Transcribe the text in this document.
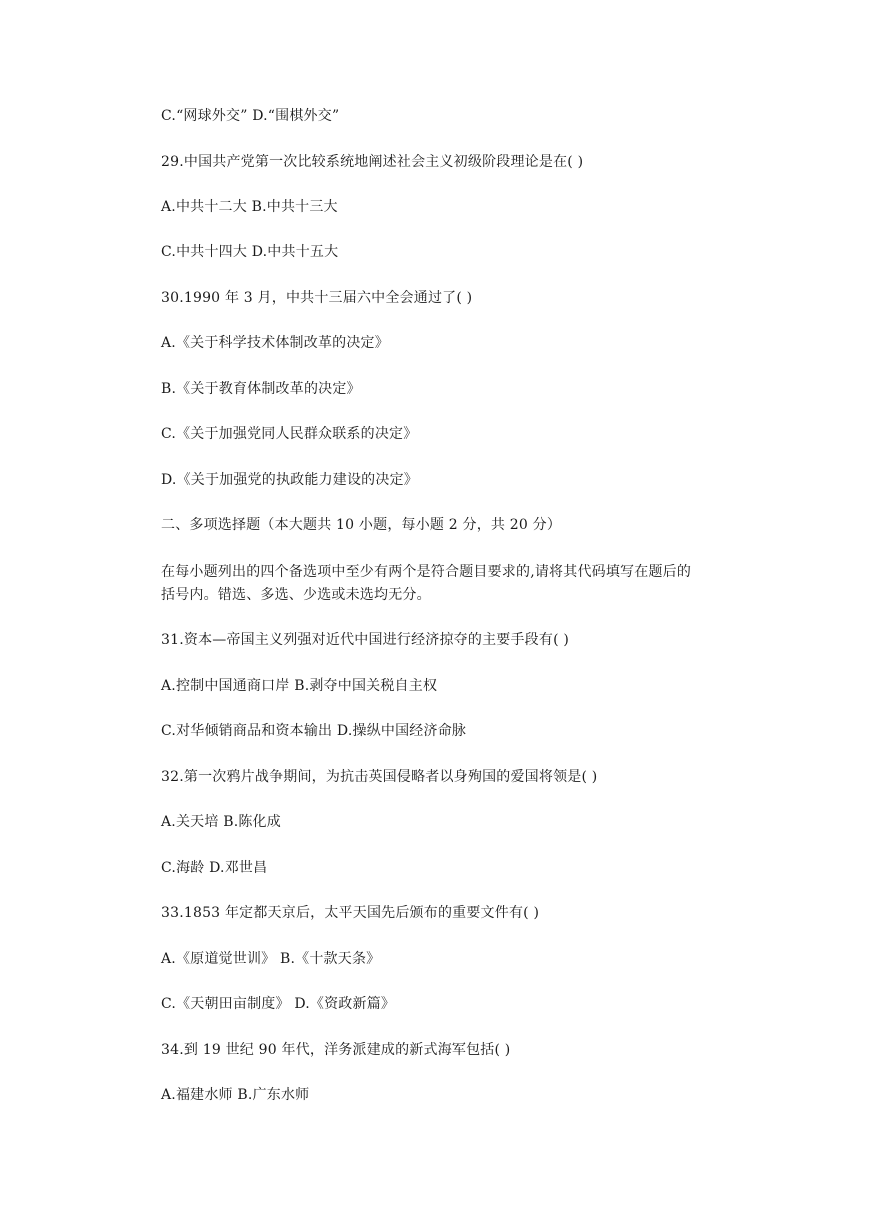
C.“网球外交” D.“围棋外交”
29.中国共产党第一次比较系统地阐述社会主义初级阶段理论是在( )
A.中共十二大 B.中共十三大
C.中共十四大 D.中共十五大
30.1990 年 3 月，中共十三届六中全会通过了( )
A.《关于科学技术体制改革的决定》
B.《关于教育体制改革的决定》
C.《关于加强党同人民群众联系的决定》
D.《关于加强党的执政能力建设的决定》
二、多项选择题（本大题共 10 小题，每小题 2 分，共 20 分）
在每小题列出的四个备选项中至少有两个是符合题目要求的,请将其代码填写在题后的
括号内。错选、多选、少选或未选均无分。
31.资本—帝国主义列强对近代中国进行经济掠夺的主要手段有( )
A.控制中国通商口岸 B.剥夺中国关税自主权
C.对华倾销商品和资本输出 D.操纵中国经济命脉
32.第一次鸦片战争期间，为抗击英国侵略者以身殉国的爱国将领是( )
A.关天培 B.陈化成
C.海龄 D.邓世昌
33.1853 年定都天京后，太平天国先后颁布的重要文件有( )
A.《原道觉世训》 B.《十款天条》
C.《天朝田亩制度》 D.《资政新篇》
34.到 19 世纪 90 年代，洋务派建成的新式海军包括( )
A.福建水师 B.广东水师
